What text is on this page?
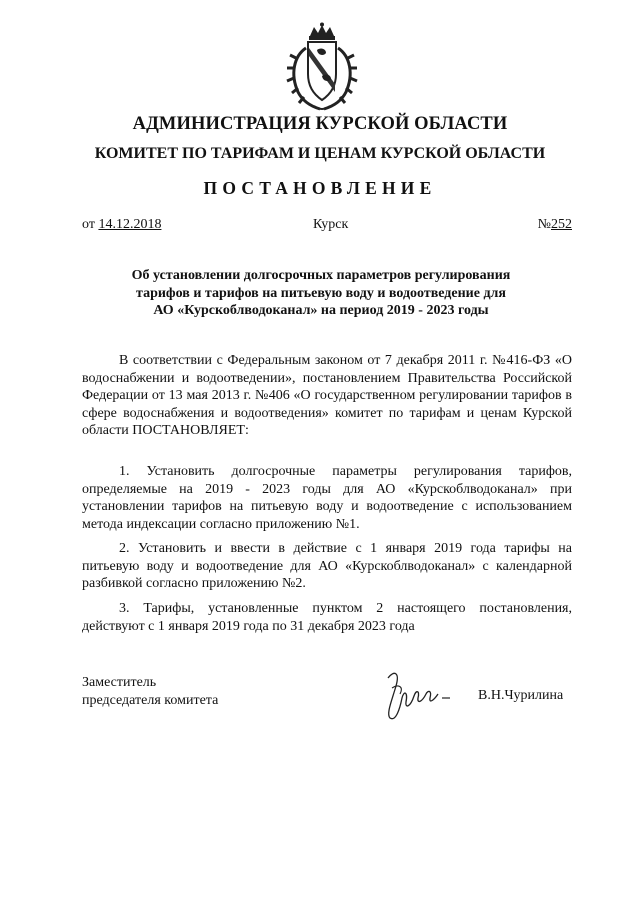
АДМИНИСТРАЦИЯ КУРСКОЙ ОБЛАСТИ
КОМИТЕТ ПО ТАРИФАМ И ЦЕНАМ КУРСКОЙ ОБЛАСТИ
ПОСТАНОВЛЕНИЕ
от 14.12.2018	Курск	№252
Об установлении долгосрочных параметров регулирования
тарифов и тарифов на питьевую воду и водоотведение для
АО «Курскоблводоканал» на период 2019 - 2023 годы
В соответствии с Федеральным законом от 7 декабря 2011 г. №416-ФЗ «О водоснабжении и водоотведении», постановлением Правительства Российской Федерации от 13 мая 2013 г. №406 «О государственном регулировании тарифов в сфере водоснабжения и водоотведения» комитет по тарифам и ценам Курской области ПОСТАНОВЛЯЕТ:
1. Установить долгосрочные параметры регулирования тарифов, определяемые на 2019 - 2023 годы для АО «Курскоблводоканал» при установлении тарифов на питьевую воду и водоотведение с использованием метода индексации согласно приложению №1.
2. Установить и ввести в действие с 1 января 2019 года тарифы на питьевую воду и водоотведение для АО «Курскоблводоканал» с календарной разбивкой согласно приложению №2.
3. Тарифы, установленные пунктом 2 настоящего постановления, действуют с 1 января 2019 года по 31 декабря 2023 года
Заместитель
председателя комитета	В.Н.Чурилина
